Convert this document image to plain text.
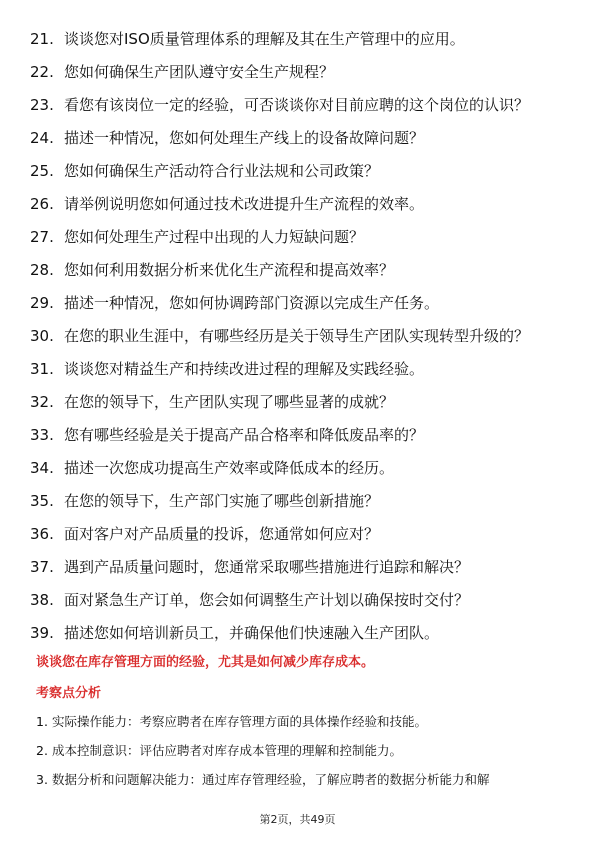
21. 谈谈您对ISO质量管理体系的理解及其在生产管理中的应用。
22. 您如何确保生产团队遵守安全生产规程？
23. 看您有该岗位一定的经验，可否谈谈你对目前应聘的这个岗位的认识？
24. 描述一种情况，您如何处理生产线上的设备故障问题？
25. 您如何确保生产活动符合行业法规和公司政策？
26. 请举例说明您如何通过技术改进提升生产流程的效率。
27. 您如何处理生产过程中出现的人力短缺问题？
28. 您如何利用数据分析来优化生产流程和提高效率？
29. 描述一种情况，您如何协调跨部门资源以完成生产任务。
30. 在您的职业生涯中，有哪些经历是关于领导生产团队实现转型升级的？
31. 谈谈您对精益生产和持续改进过程的理解及实践经验。
32. 在您的领导下，生产团队实现了哪些显著的成就？
33. 您有哪些经验是关于提高产品合格率和降低废品率的？
34. 描述一次您成功提高生产效率或降低成本的经历。
35. 在您的领导下，生产部门实施了哪些创新措施？
36. 面对客户对产品质量的投诉，您通常如何应对？
37. 遇到产品质量问题时，您通常采取哪些措施进行追踪和解决？
38. 面对紧急生产订单，您会如何调整生产计划以确保按时交付？
39. 描述您如何培训新员工，并确保他们快速融入生产团队。
谈谈您在库存管理方面的经验，尤其是如何减少库存成本。
考察点分析
1. 实际操作能力：考察应聘者在库存管理方面的具体操作经验和技能。
2. 成本控制意识：评估应聘者对库存成本管理的理解和控制能力。
3. 数据分析和问题解决能力：通过库存管理经验，了解应聘者的数据分析能力和解
第2页，共49页
